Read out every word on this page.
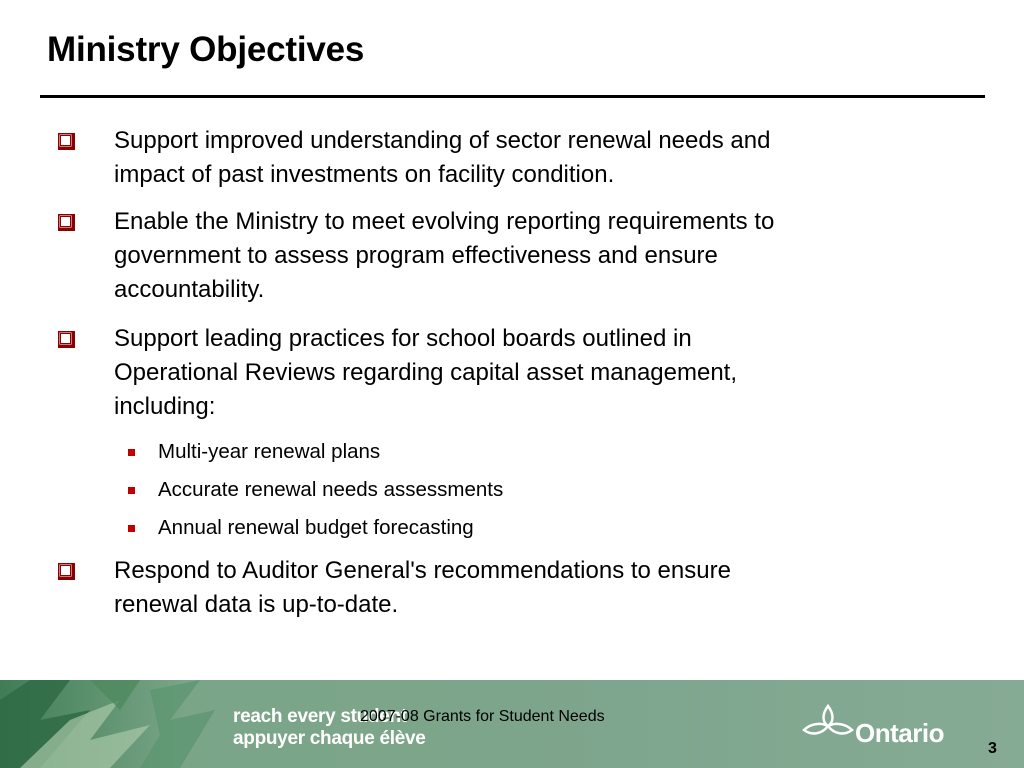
Ministry Objectives
Support improved understanding of sector renewal needs and
impact of past investments on facility condition.
Enable the Ministry to meet evolving reporting requirements to
government to assess program effectiveness and ensure
accountability.
Support leading practices for school boards outlined in
Operational Reviews regarding capital asset management,
including:
Multi-year renewal plans
Accurate renewal needs assessments
Annual renewal budget forecasting
Respond to Auditor General's recommendations to ensure
renewal data is up-to-date.
reach every student
appuyer chaque élève
2007-08 Grants for Student Needs
Ontario
3
